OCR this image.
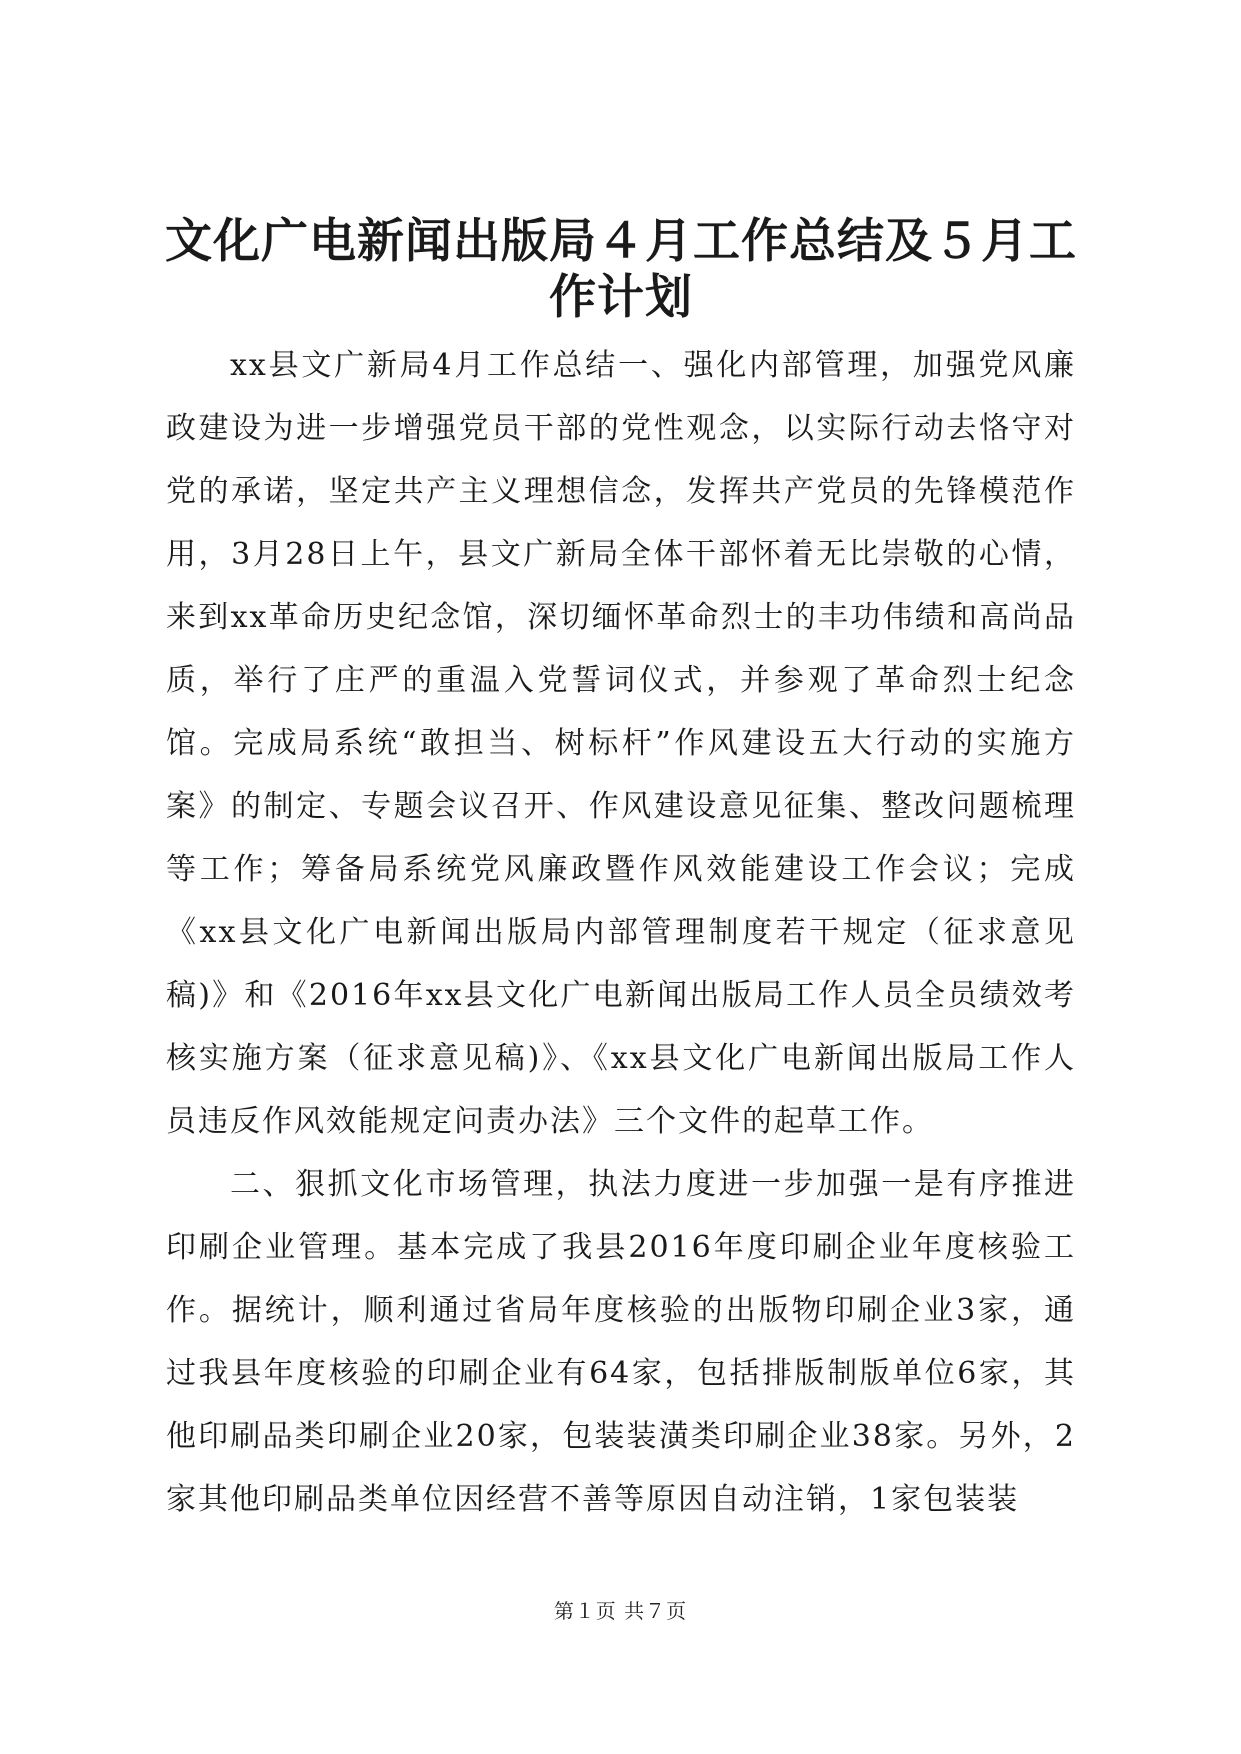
文化广电新闻出版局４月工作总结及５月工作计划

xx县文广新局4月工作总结一、强化内部管理，加强党风廉政建设为进一步增强党员干部的党性观念，以实际行动去恪守对党的承诺，坚定共产主义理想信念，发挥共产党员的先锋模范作用，3月28日上午，县文广新局全体干部怀着无比崇敬的心情，来到xx革命历史纪念馆，深切缅怀革命烈士的丰功伟绩和高尚品质，举行了庄严的重温入党誓词仪式，并参观了革命烈士纪念馆。完成局系统“敢担当、树标杆”作风建设五大行动的实施方案》的制定、专题会议召开、作风建设意见征集、整改问题梳理等工作；筹备局系统党风廉政暨作风效能建设工作会议；完成《xx县文化广电新闻出版局内部管理制度若干规定（征求意见稿)》和《2016年xx县文化广电新闻出版局工作人员全员绩效考核实施方案（征求意见稿)》、《xx县文化广电新闻出版局工作人员违反作风效能规定问责办法》三个文件的起草工作。

二、狠抓文化市场管理，执法力度进一步加强一是有序推进印刷企业管理。基本完成了我县2016年度印刷企业年度核验工作。据统计，顺利通过省局年度核验的出版物印刷企业3家，通过我县年度核验的印刷企业有64家，包括排版制版单位6家，其他印刷品类印刷企业20家，包装装潢类印刷企业38家。另外，2家其他印刷品类单位因经营不善等原因自动注销，1家包装装

第１页 共７页
